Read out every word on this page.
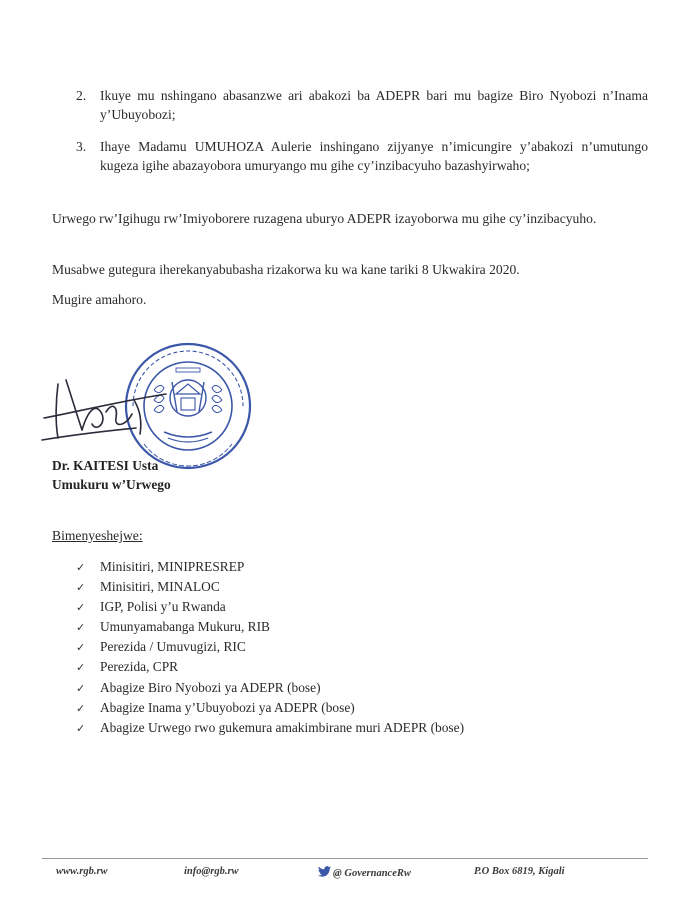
2. Ikuye mu nshingano abasanzwe ari abakozi ba ADEPR bari mu bagize Biro Nyobozi n’Inama y’Ubuyobozi;
3. Ihaye Madamu UMUHOZA Aulerie inshingano zijyanye n’imicungire y’abakozi n’umutungo kugeza igihe abazayobora umuryango mu gihe cy’inzibacyuho bazashyirwaho;
Urwego rw’Igihugu rw’Imiyoborere ruzagena uburyo ADEPR izayoborwa mu gihe cy’inzibacyuho.
Musabwe gutegura iherekanyabubasha rizakorwa ku wa kane tariki 8 Ukwakira 2020.
Mugire amahoro.
Dr. KAITESI Usta
Umukuru w’Urwego
Bimenyeshejwe:
✓ Minisitiri, MINIPRESREP
✓ Minisitiri, MINALOC
✓ IGP, Polisi y’u Rwanda
✓ Umunyamabanga Mukuru, RIB
✓ Perezida / Umuvugizi, RIC
✓ Perezida, CPR
✓ Abagize Biro Nyobozi ya ADEPR (bose)
✓ Abagize Inama y’Ubuyobozi ya ADEPR (bose)
✓ Abagize Urwego rwo gukemura amakimbirane muri ADEPR (bose)
www.rgb.rw	info@rgb.rw	@ GovernanceRw	P.O Box 6819, Kigali
